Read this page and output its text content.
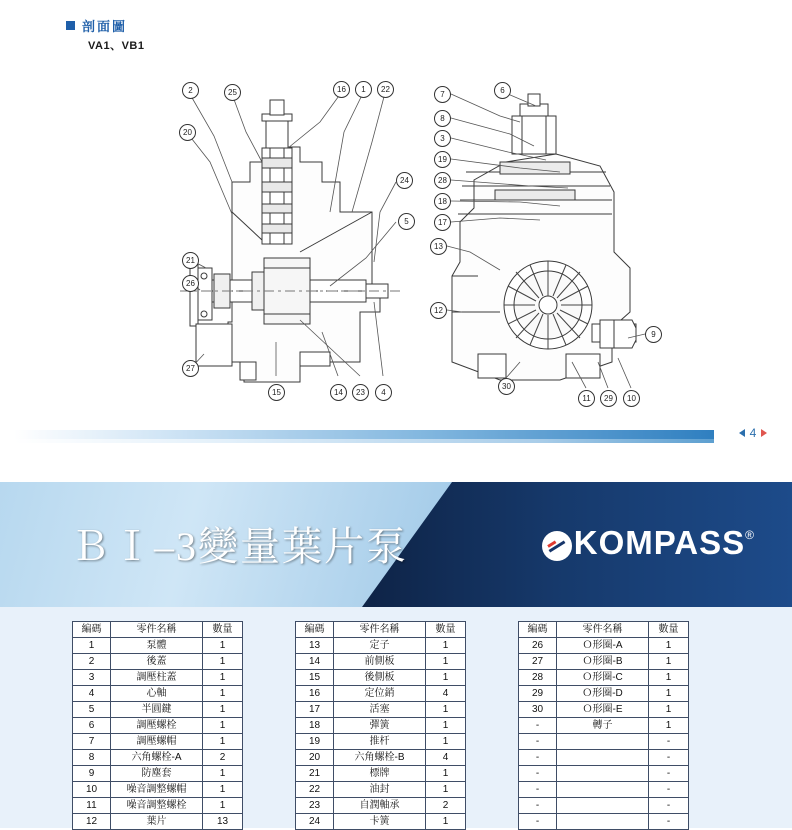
剖面圖
VA1、VB1
2	25	16	1	22
20
24
5
21
26
27
15	14	23	4
7	6
8
3
19
28
18
17
13
12
9
30
11	29	10
4
ＢⅠ–3變量葉片泵	KOMPASS ®
編碼	零件名稱	數量
1	泵體	1
2	後蓋	1
3	調壓柱蓋	1
4	心軸	1
5	半圓鍵	1
6	調壓螺栓	1
7	調壓螺帽	1
8	六角螺栓-A	2
9	防塵套	1
10	噪音調整螺帽	1
11	噪音調整螺栓	1
12	葉片	13
編碼	零件名稱	數量
13	定子	1
14	前側板	1
15	後側板	1
16	定位銷	4
17	活塞	1
18	彈簧	1
19	推杆	1
20	六角螺栓-B	4
21	標牌	1
22	油封	1
23	自潤軸承	2
24	卡簧	1
編碼	零件名稱	數量
26	Ｏ形圈-A	1
27	Ｏ形圈-B	1
28	Ｏ形圈-C	1
29	Ｏ形圈-D	1
30	Ｏ形圈-E	1
-	轉子	1
-		-
-		-
-		-
-		-
-		-
-		-
